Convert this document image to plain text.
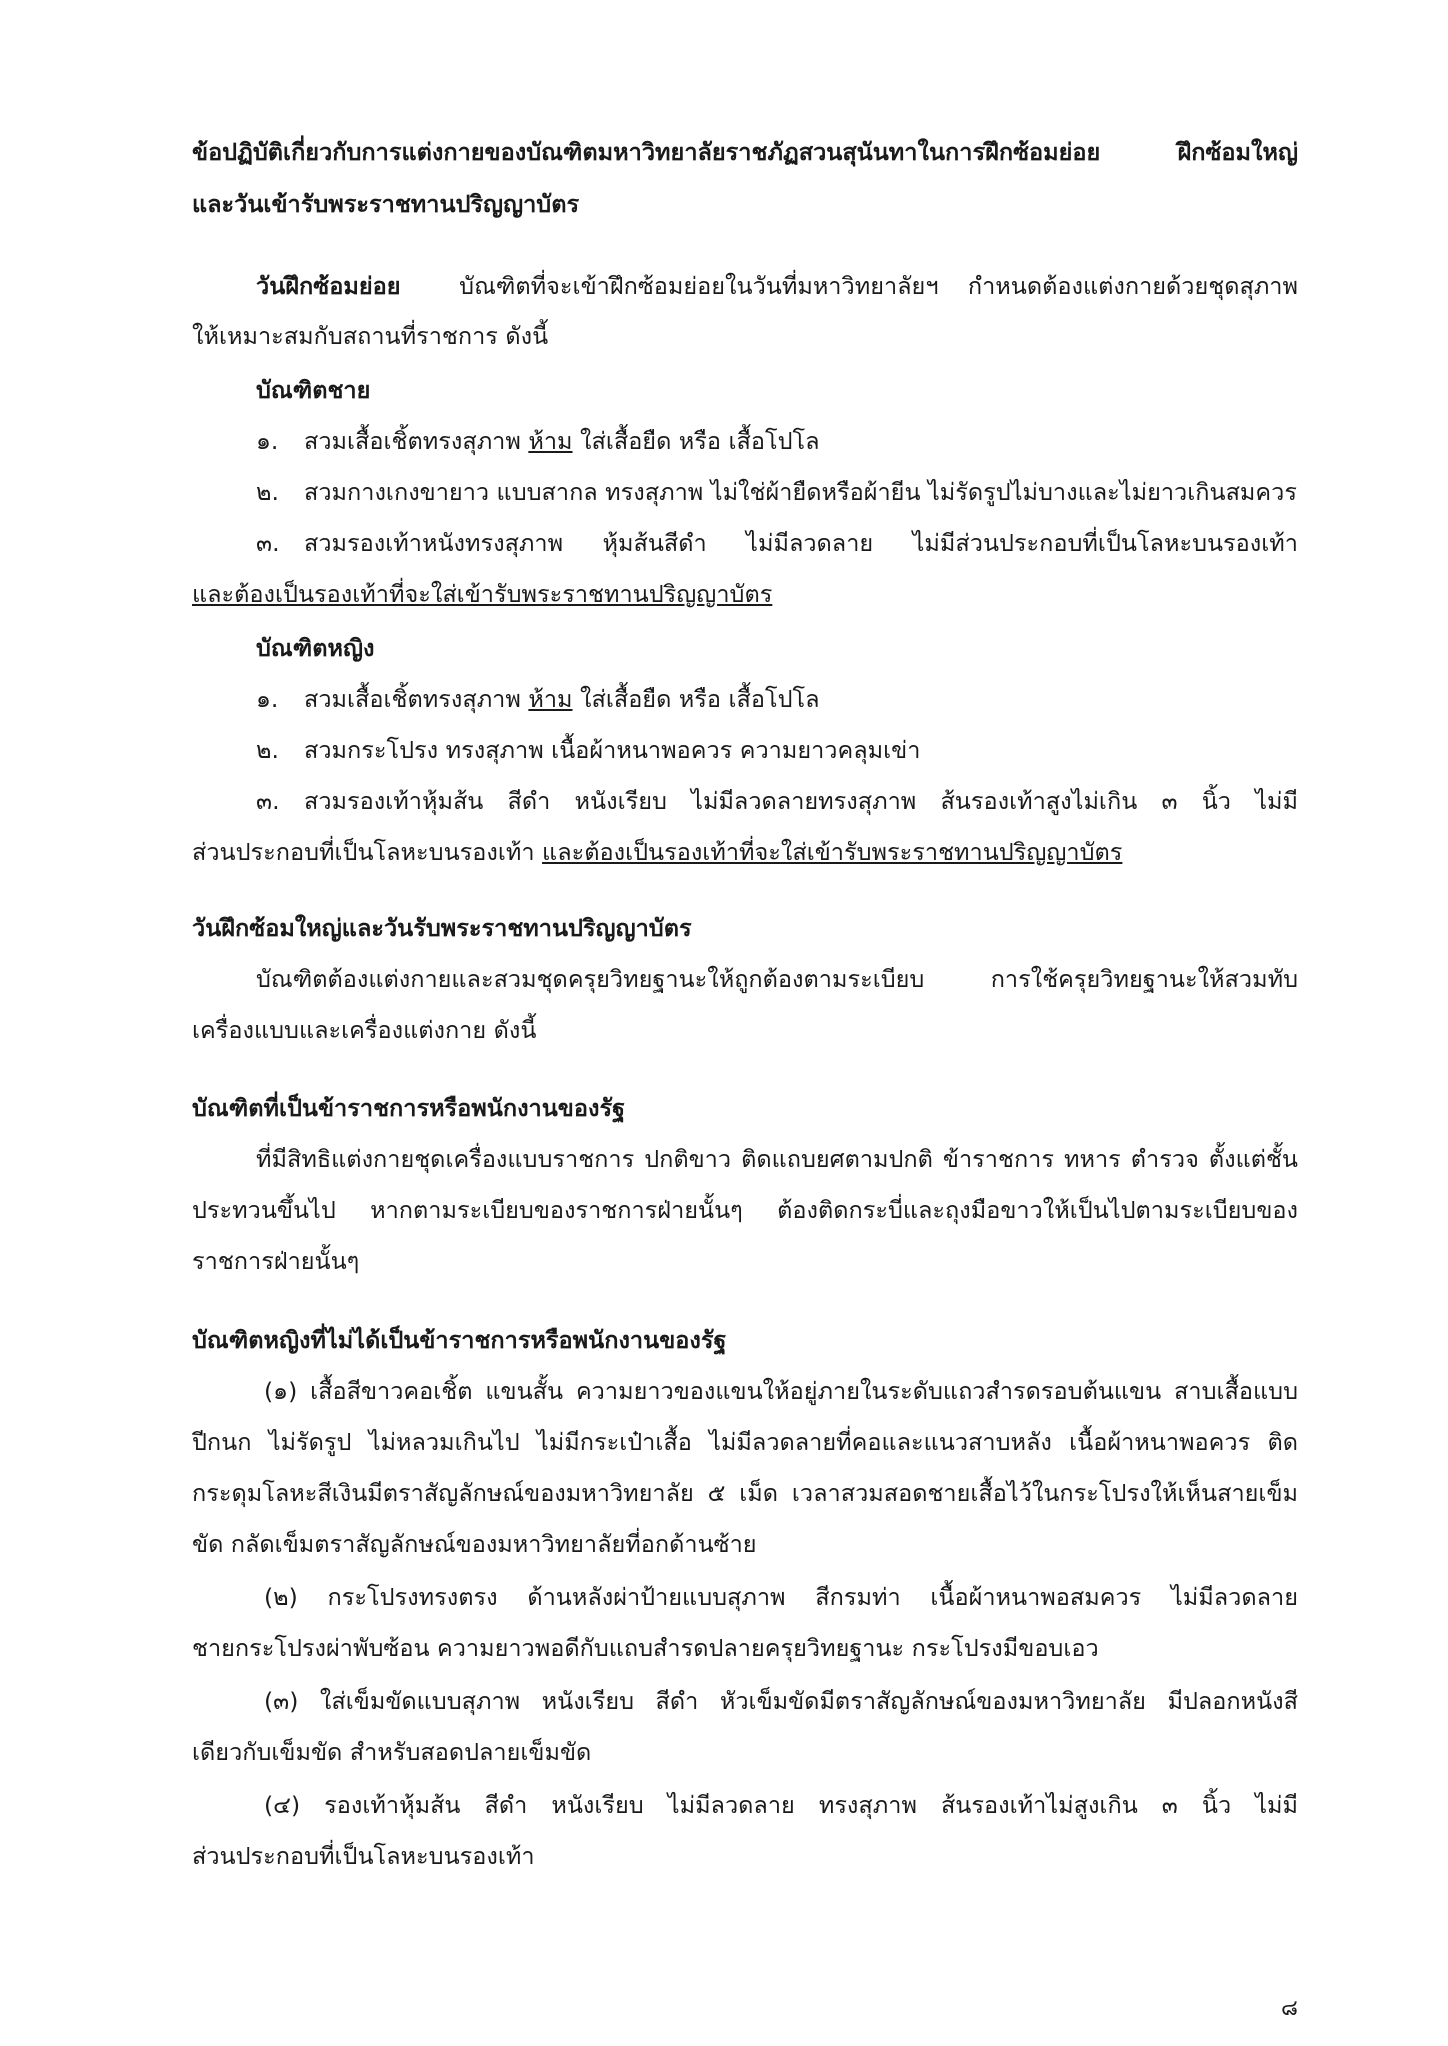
ข้อปฏิบัติเกี่ยวกับการแต่งกายของบัณฑิตมหาวิทยาลัยราชภัฏสวนสุนันทาในการฝึกซ้อมย่อย ฝึกซ้อมใหญ่
และวันเข้ารับพระราชทานปริญญาบัตร
วันฝึกซ้อมย่อย บัณฑิตที่จะเข้าฝึกซ้อมย่อยในวันที่มหาวิทยาลัยฯ กำหนดต้องแต่งกายด้วยชุดสุภาพ
ให้เหมาะสมกับสถานที่ราชการ ดังนี้
บัณฑิตชาย
๑. สวมเสื้อเชิ้ตทรงสุภาพ ห้าม ใส่เสื้อยืด หรือ เสื้อโปโล
๒. สวมกางเกงขายาว แบบสากล ทรงสุภาพ ไม่ใช่ผ้ายืดหรือผ้ายีน ไม่รัดรูปไม่บางและไม่ยาวเกินสมควร
๓. สวมรองเท้าหนังทรงสุภาพ หุ้มส้นสีดำ ไม่มีลวดลาย ไม่มีส่วนประกอบที่เป็นโลหะบนรองเท้า
และต้องเป็นรองเท้าที่จะใส่เข้ารับพระราชทานปริญญาบัตร
บัณฑิตหญิง
๑. สวมเสื้อเชิ้ตทรงสุภาพ ห้าม ใส่เสื้อยืด หรือ เสื้อโปโล
๒. สวมกระโปรง ทรงสุภาพ เนื้อผ้าหนาพอควร ความยาวคลุมเข่า
๓. สวมรองเท้าหุ้มส้น สีดำ หนังเรียบ ไม่มีลวดลายทรงสุภาพ ส้นรองเท้าสูงไม่เกิน ๓ นิ้ว ไม่มี
ส่วนประกอบที่เป็นโลหะบนรองเท้า และต้องเป็นรองเท้าที่จะใส่เข้ารับพระราชทานปริญญาบัตร
วันฝึกซ้อมใหญ่และวันรับพระราชทานปริญญาบัตร
บัณฑิตต้องแต่งกายและสวมชุดครุยวิทยฐานะให้ถูกต้องตามระเบียบ การใช้ครุยวิทยฐานะให้สวมทับ
เครื่องแบบและเครื่องแต่งกาย ดังนี้
บัณฑิตที่เป็นข้าราชการหรือพนักงานของรัฐ
ที่มีสิทธิแต่งกายชุดเครื่องแบบราชการ ปกติขาว ติดแถบยศตามปกติ ข้าราชการ ทหาร ตำรวจ ตั้งแต่ชั้น
ประทวนขึ้นไป หากตามระเบียบของราชการฝ่ายนั้นๆ ต้องติดกระบี่และถุงมือขาวให้เป็นไปตามระเบียบของ
ราชการฝ่ายนั้นๆ
บัณฑิตหญิงที่ไม่ได้เป็นข้าราชการหรือพนักงานของรัฐ
(๑) เสื้อสีขาวคอเชิ้ต แขนสั้น ความยาวของแขนให้อยู่ภายในระดับแถวสำรดรอบต้นแขน สาบเสื้อแบบ
ปีกนก ไม่รัดรูป ไม่หลวมเกินไป ไม่มีกระเป๋าเสื้อ ไม่มีลวดลายที่คอและแนวสาบหลัง เนื้อผ้าหนาพอควร ติด
กระดุมโลหะสีเงินมีตราสัญลักษณ์ของมหาวิทยาลัย ๕ เม็ด เวลาสวมสอดชายเสื้อไว้ในกระโปรงให้เห็นสายเข็ม
ขัด กลัดเข็มตราสัญลักษณ์ของมหาวิทยาลัยที่อกด้านซ้าย
(๒) กระโปรงทรงตรง ด้านหลังผ่าป้ายแบบสุภาพ สีกรมท่า เนื้อผ้าหนาพอสมควร ไม่มีลวดลาย
ชายกระโปรงผ่าพับซ้อน ความยาวพอดีกับแถบสำรดปลายครุยวิทยฐานะ กระโปรงมีขอบเอว
(๓) ใส่เข็มขัดแบบสุภาพ หนังเรียบ สีดำ หัวเข็มขัดมีตราสัญลักษณ์ของมหาวิทยาลัย มีปลอกหนังสี
เดียวกับเข็มขัด สำหรับสอดปลายเข็มขัด
(๔) รองเท้าหุ้มส้น สีดำ หนังเรียบ ไม่มีลวดลาย ทรงสุภาพ ส้นรองเท้าไม่สูงเกิน ๓ นิ้ว ไม่มี
ส่วนประกอบที่เป็นโลหะบนรองเท้า
๘
